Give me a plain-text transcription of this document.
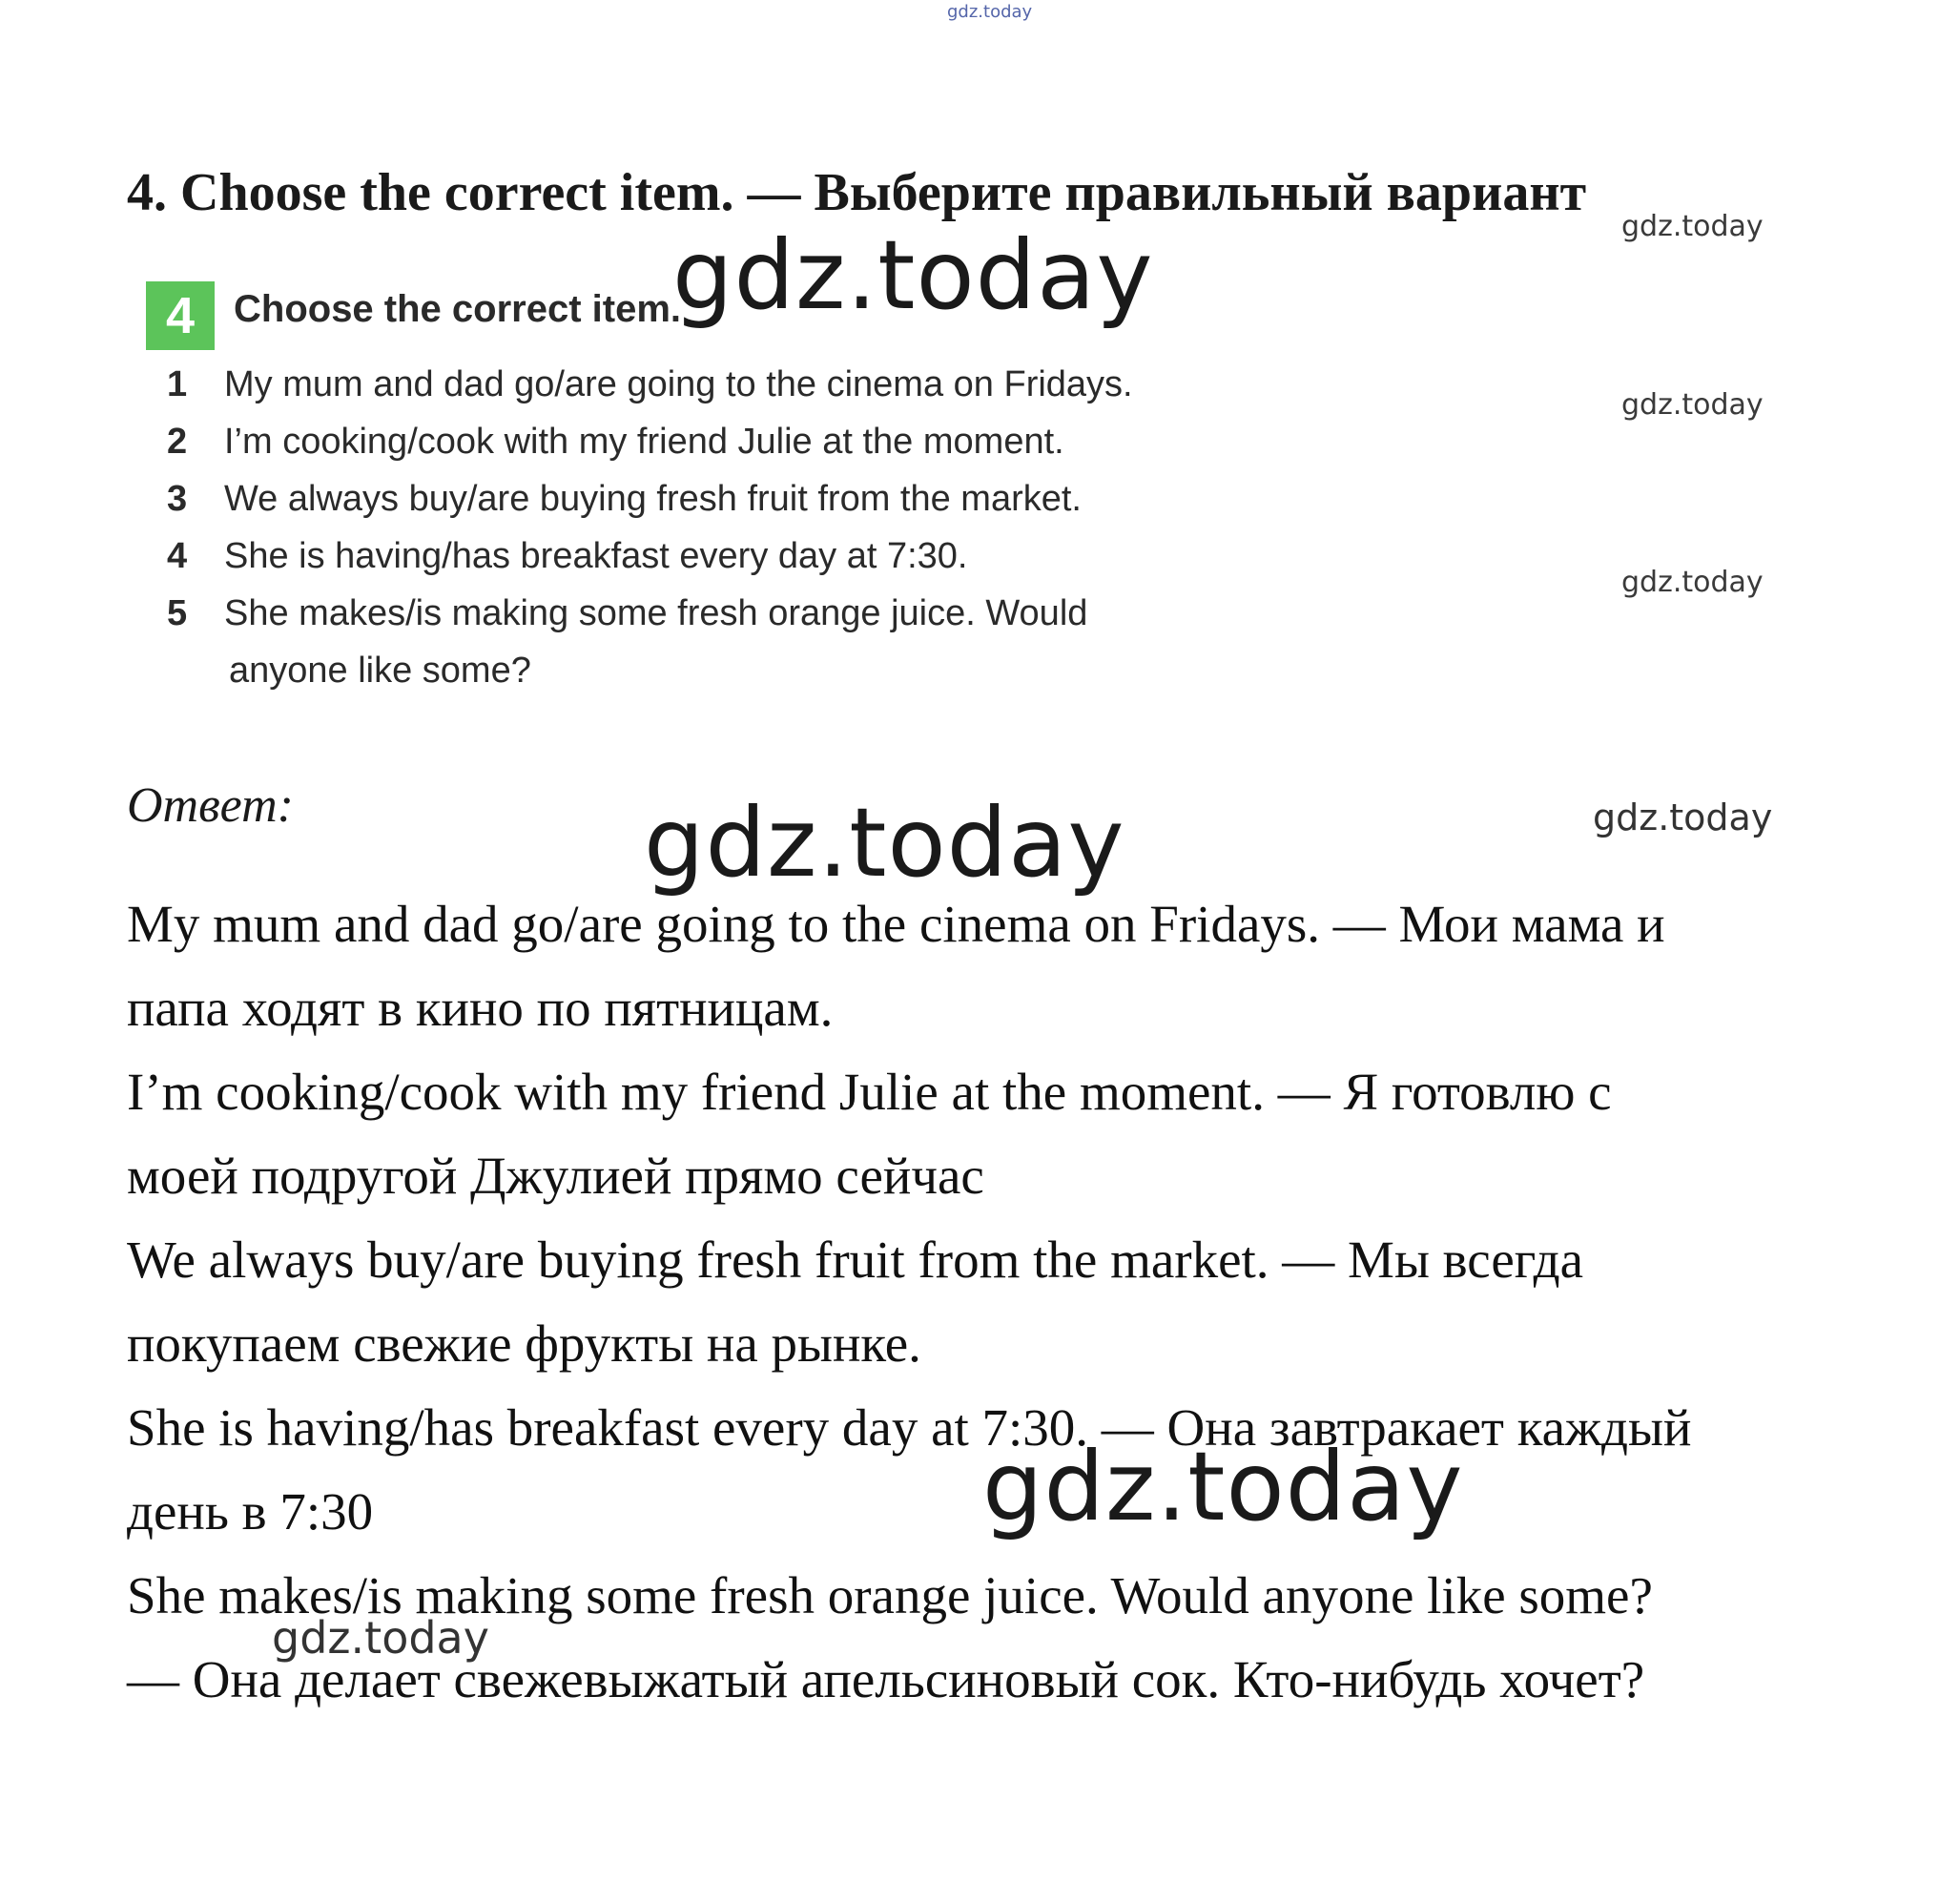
gdz.today
4. Choose the correct item. — Выберите правильный вариант
gdz.today
gdz.today
gdz.today
4	Choose the correct item.
1 My mum and dad go/are going to the cinema on Fridays.
2 I’m cooking/cook with my friend Julie at the moment.
3 We always buy/are buying fresh fruit from the market.
4 She is having/has breakfast every day at 7:30.
5 She makes/is making some fresh orange juice. Would
anyone like some?
gdz.today
Ответ:	gdz.today
My mum and dad go/are going to the cinema on Fridays. — Мои мама и
папа ходят в кино по пятницам.
I’m cooking/cook with my friend Julie at the moment. — Я готовлю с
моей подругой Джулией прямо сейчас
We always buy/are buying fresh fruit from the market. — Мы всегда
покупаем свежие фрукты на рынке.
She is having/has breakfast every day at 7:30. — Она завтракает каждый
день в 7:30
She makes/is making some fresh orange juice. Would anyone like some?
— Она делает свежевыжатый апельсиновый сок. Кто-нибудь хочет?
gdz.today
gdz.today
gdz.today
